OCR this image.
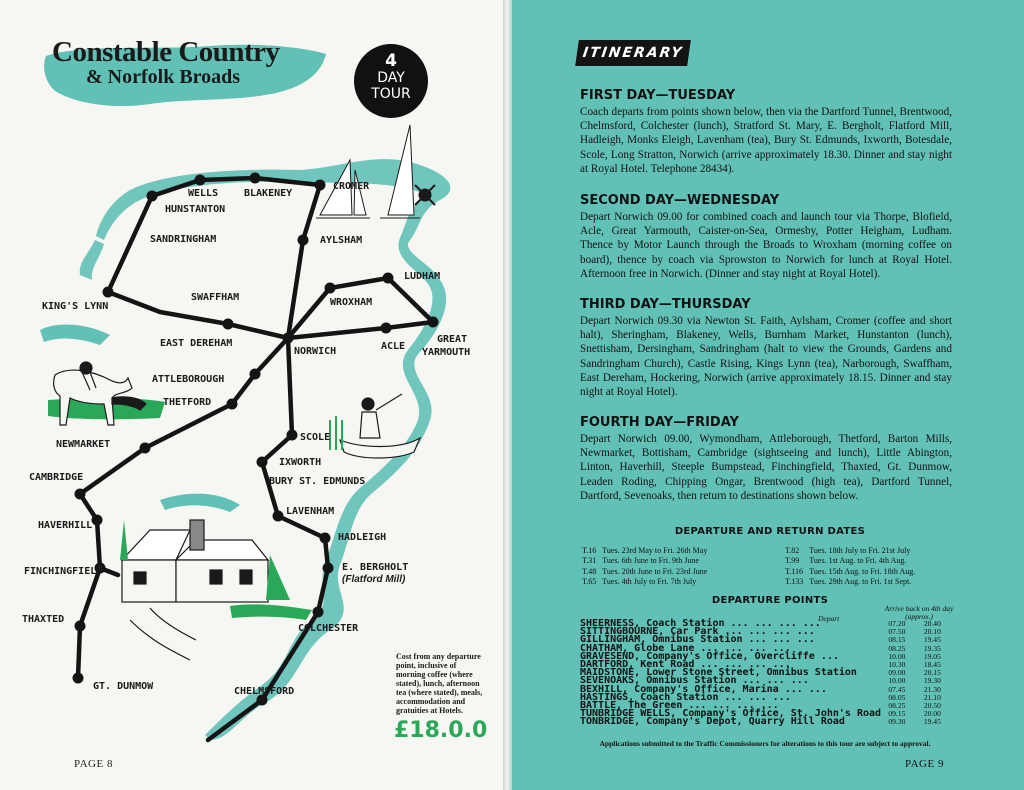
Constable Country
& Norfolk Broads
4
DAY
TOUR
WELLS	BLAKENEY
HUNSTANTON
CROMER
SANDRINGHAM	AYLSHAM
LUDHAM
KING'S LYNN
SWAFFHAM	WROXHAM
GREAT
YARMOUTH
EAST DEREHAM
NORWICH	ACLE
ATTLEBOROUGH
THETFORD
SCOLE
NEWMARKET
IXWORTH
BURY ST. EDMUNDS
CAMBRIDGE
LAVENHAM
HAVERHILL
HADLEIGH
E. BERGHOLT
(Flatford Mill)
FINCHINGFIELD
THAXTED
COLCHESTER
GT. DUNMOW	CHELMSFORD
Cost from any departure point, inclusive of morning coffee (where stated), lunch, afternoon tea (where stated), meals, accommodation and gratuities at Hotels.
£18.0.0
PAGE 8
ITINERARY
FIRST DAY—TUESDAY
Coach departs from points shown below, then via the Dartford Tunnel, Brentwood, Chelmsford, Colchester (lunch), Stratford St. Mary, E. Bergholt, Flatford Mill, Hadleigh, Monks Eleigh, Lavenham (tea), Bury St. Edmunds, Ixworth, Botesdale, Scole, Long Stratton, Norwich (arrive approximately 18.30. Dinner and stay night at Royal Hotel. Telephone 28434).
SECOND DAY—WEDNESDAY
Depart Norwich 09.00 for combined coach and launch tour via Thorpe, Blofield, Acle, Great Yarmouth, Caister-on-Sea, Ormesby, Potter Heigham, Ludham. Thence by Motor Launch through the Broads to Wroxham (morning coffee on board), thence by coach via Sprowston to Norwich for lunch at Royal Hotel. Afternoon free in Norwich. (Dinner and stay night at Royal Hotel).
THIRD DAY—THURSDAY
Depart Norwich 09.30 via Newton St. Faith, Aylsham, Cromer (coffee and short halt), Sheringham, Blakeney, Wells, Burnham Market, Hunstanton (lunch), Snettisham, Dersingham, Sandringham (halt to view the Grounds, Gardens and Sandringham Church), Castle Rising, Kings Lynn (tea), Narborough, Swaffham, East Dereham, Hockering, Norwich (arrive approximately 18.15. Dinner and stay night at Royal Hotel).
FOURTH DAY—FRIDAY
Depart Norwich 09.00, Wymondham, Attleborough, Thetford, Barton Mills, Newmarket, Bottisham, Cambridge (sightseeing and lunch), Little Abington, Linton, Haverhill, Steeple Bumpstead, Finchingfield, Thaxted, Gt. Dunmow, Leaden Roding, Chipping Ongar, Brentwood (high tea), Dartford Tunnel, Dartford, Sevenoaks, then return to destinations shown below.
DEPARTURE AND RETURN DATES
T.16	Tues. 23rd May to Fri. 26th May
T.31	Tues. 6th June to Fri. 9th June
T.48	Tues. 20th June to Fri. 23rd June
T.65	Tues. 4th July to Fri. 7th July
T.82	Tues. 18th July to Fri. 21st July
T.99	Tues. 1st Aug. to Fri. 4th Aug.
T.116	Tues. 15th Aug. to Fri. 18th Aug.
T.133	Tues. 29th Aug. to Fri. 1st Sept.
DEPARTURE POINTS
Depart
Arrive back on 4th day (approx.)
SHEERNESS, Coach Station ... ... ... ...	07.20	20.40
SITTINGBOURNE, Car Park ... ... ... ...	07.50	20.10
GILLINGHAM, Omnibus Station ... ... ...	08.15	19.45
CHATHAM, Globe Lane ... ... ... ...	08.25	19.35
GRAVESEND, Company's Office, Overcliffe ...	10.00	19.05
DARTFORD, Kent Road ... ... ... ...	10.30	18.45
MAIDSTONE, Lower Stone Street, Omnibus Station	09.00	20.15
SEVENOAKS, Omnibus Station ... ... ...	10.00	19.30
BEXHILL, Company's Office, Marina ... ...	07.45	21.30
HASTINGS, Coach Station ... ... ...	08.05	21.10
BATTLE, The Green ... ... ... ...	08.25	20.50
TUNBRIDGE WELLS, Company's Office, St. John's Road	09.15	20.00
TONBRIDGE, Company's Depot, Quarry Hill Road	09.30	19.45
Applications submitted to the Traffic Commissioners for alterations to this tour are subject to approval.
PAGE 9
